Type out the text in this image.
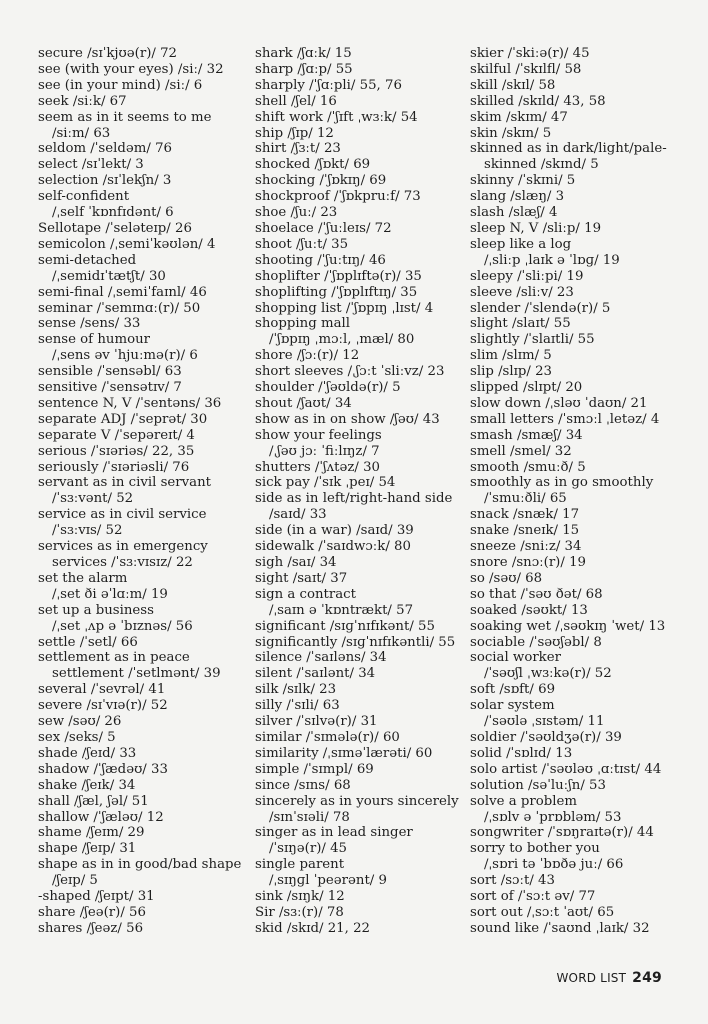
secure /sɪˈkjʊə(r)/ 72
see (with your eyes) /siː/ 32
see (in your mind) /siː/ 6
seek /siːk/ 67
seem as in it seems to me
/siːm/ 63
seldom /ˈseldəm/ 76
select /sɪˈlekt/ 3
selection /sɪˈlekʃn/ 3
self-confident
/ˌself ˈkɒnfɪdənt/ 6
Sellotape /ˈseləteɪp/ 26
semicolon /ˌsemiˈkəʊlən/ 4
semi-detached
/ˌsemidɪˈtætʃt/ 30
semi-final /ˌsemiˈfaɪnl/ 46
seminar /ˈsemɪnɑː(r)/ 50
sense /sens/ 33
sense of humour
/ˌsens əv ˈhjuːmə(r)/ 6
sensible /ˈsensəbl/ 63
sensitive /ˈsensətɪv/ 7
sentence N, V /ˈsentəns/ 36
separate ADJ /ˈseprət/ 30
separate V /ˈsepəreɪt/ 4
serious /ˈsɪəriəs/ 22, 35
seriously /ˈsɪəriəsli/ 76
servant as in civil servant
/ˈsɜːvənt/ 52
service as in civil service
/ˈsɜːvɪs/ 52
services as in emergency
services /ˈsɜːvɪsɪz/ 22
set the alarm
/ˌset ði əˈlɑːm/ 19
set up a business
/ˌset ˌʌp ə ˈbɪznəs/ 56
settle /ˈsetl/ 66
settlement as in peace
settlement /ˈsetlmənt/ 39
several /ˈsevrəl/ 41
severe /sɪˈvɪə(r)/ 52
sew /səʊ/ 26
sex /seks/ 5
shade /ʃeɪd/ 33
shadow /ˈʃædəʊ/ 33
shake /ʃeɪk/ 34
shall /ʃæl, ʃəl/ 51
shallow /ˈʃæləʊ/ 12
shame /ʃeɪm/ 29
shape /ʃeɪp/ 31
shape as in in good/bad shape
/ʃeɪp/ 5
-shaped /ʃeɪpt/ 31
share /ʃeə(r)/ 56
shares /ʃeəz/ 56
shark /ʃɑːk/ 15
sharp /ʃɑːp/ 55
sharply /ˈʃɑːpli/ 55, 76
shell /ʃel/ 16
shift work /ˈʃɪft ˌwɜːk/ 54
ship /ʃɪp/ 12
shirt /ʃɜːt/ 23
shocked /ʃɒkt/ 69
shocking /ˈʃɒkɪŋ/ 69
shockproof /ˈʃɒkpruːf/ 73
shoe /ʃuː/ 23
shoelace /ˈʃuːleɪs/ 72
shoot /ʃuːt/ 35
shooting /ˈʃuːtɪŋ/ 46
shoplifter /ˈʃɒplɪftə(r)/ 35
shoplifting /ˈʃɒplɪftɪŋ/ 35
shopping list /ˈʃɒpɪŋ ˌlɪst/ 4
shopping mall
/ˈʃɒpɪŋ ˌmɔːl, ˌmæl/ 80
shore /ʃɔː(r)/ 12
short sleeves /ˌʃɔːt ˈsliːvz/ 23
shoulder /ˈʃəʊldə(r)/ 5
shout /ʃaʊt/ 34
show as in on show /ʃəʊ/ 43
show your feelings
/ˌʃəʊ jɔː ˈfiːlɪŋz/ 7
shutters /ˈʃʌtəz/ 30
sick pay /ˈsɪk ˌpeɪ/ 54
side as in left/right-hand side
/saɪd/ 33
side (in a war) /saɪd/ 39
sidewalk /ˈsaɪdwɔːk/ 80
sigh /saɪ/ 34
sight /saɪt/ 37
sign a contract
/ˌsaɪn ə ˈkɒntrækt/ 57
significant /sɪɡˈnɪfɪkənt/ 55
significantly /sɪɡˈnɪfɪkəntli/ 55
silence /ˈsaɪləns/ 34
silent /ˈsaɪlənt/ 34
silk /sɪlk/ 23
silly /ˈsɪli/ 63
silver /ˈsɪlvə(r)/ 31
similar /ˈsɪmələ(r)/ 60
similarity /ˌsɪməˈlærəti/ 60
simple /ˈsɪmpl/ 69
since /sɪns/ 68
sincerely as in yours sincerely
/sɪnˈsɪəli/ 78
singer as in lead singer
/ˈsɪŋə(r)/ 45
single parent
/ˌsɪŋɡl ˈpeərənt/ 9
sink /sɪŋk/ 12
Sir /sɜː(r)/ 78
skid /skɪd/ 21, 22
skier /ˈskiːə(r)/ 45
skilful /ˈskɪlfl/ 58
skill /skɪl/ 58
skilled /skɪld/ 43, 58
skim /skɪm/ 47
skin /skɪn/ 5
skinned as in dark/light/pale-
skinned /skɪnd/ 5
skinny /ˈskɪni/ 5
slang /slæŋ/ 3
slash /slæʃ/ 4
sleep N, V /sliːp/ 19
sleep like a log
/ˌsliːp ˌlaɪk ə ˈlɒɡ/ 19
sleepy /ˈsliːpi/ 19
sleeve /sliːv/ 23
slender /ˈslendə(r)/ 5
slight /slaɪt/ 55
slightly /ˈslaɪtli/ 55
slim /slɪm/ 5
slip /slɪp/ 23
slipped /slɪpt/ 20
slow down /ˌsləʊ ˈdaʊn/ 21
small letters /ˈsmɔːl ˌletəz/ 4
smash /smæʃ/ 34
smell /smel/ 32
smooth /smuːð/ 5
smoothly as in go smoothly
/ˈsmuːðli/ 65
snack /snæk/ 17
snake /sneɪk/ 15
sneeze /sniːz/ 34
snore /snɔː(r)/ 19
so /səʊ/ 68
so that /ˈsəʊ ðət/ 68
soaked /səʊkt/ 13
soaking wet /ˌsəʊkɪŋ ˈwet/ 13
sociable /ˈsəʊʃəbl/ 8
social worker
/ˈsəʊʃl ˌwɜːkə(r)/ 52
soft /sɒft/ 69
solar system
/ˈsəʊlə ˌsɪstəm/ 11
soldier /ˈsəʊldʒə(r)/ 39
solid /ˈsɒlɪd/ 13
solo artist /ˈsəʊləʊ ˌɑːtɪst/ 44
solution /səˈluːʃn/ 53
solve a problem
/ˌsɒlv ə ˈprɒbləm/ 53
songwriter /ˈsɒŋraɪtə(r)/ 44
sorry to bother you
/ˌsɒri tə ˈbɒðə juː/ 66
sort /sɔːt/ 43
sort of /ˈsɔːt əv/ 77
sort out /ˌsɔːt ˈaʊt/ 65
sound like /ˈsaʊnd ˌlaɪk/ 32
WORD LIST 249
